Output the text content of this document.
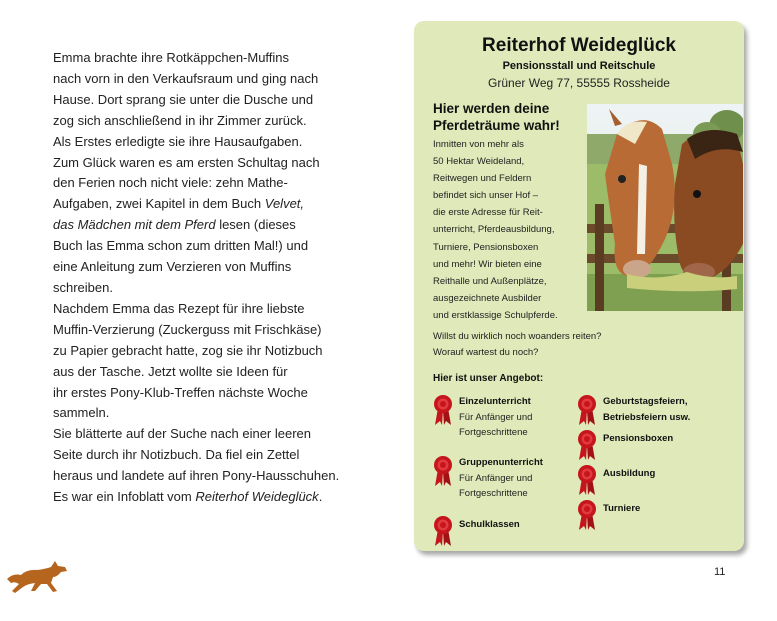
Emma brachte ihre Rotkäppchen-Muffins
nach vorn in den Verkaufsraum und ging nach
Hause. Dort sprang sie unter die Dusche und
zog sich anschließend in ihr Zimmer zurück.
Als Erstes erledigte sie ihre Hausaufgaben.
Zum Glück waren es am ersten Schultag nach
den Ferien noch nicht viele: zehn Mathe-
Aufgaben, zwei Kapitel in dem Buch Velvet,
das Mädchen mit dem Pferd lesen (dieses
Buch las Emma schon zum dritten Mal!) und
eine Anleitung zum Verzieren von Muffins
schreiben.
Nachdem Emma das Rezept für ihre liebste
Muffin-Verzierung (Zuckerguss mit Frischkäse)
zu Papier gebracht hatte, zog sie ihr Notizbuch
aus der Tasche. Jetzt wollte sie Ideen für
ihr erstes Pony-Klub-Treffen nächste Woche
sammeln.
Sie blätterte auf der Suche nach einer leeren
Seite durch ihr Notizbuch. Da fiel ein Zettel
heraus und landete auf ihren Pony-Hausschuhen.
Es war ein Infoblatt vom Reiterhof Weideglück.
Reiterhof Weideglück
Pensionsstall und Reitschule
Grüner Weg 77, 55555 Rossheide
Hier werden deine
Pferdeträume wahr!
Inmitten von mehr als
50 Hektar Weideland,
Reitwegen und Feldern
befindet sich unser Hof –
die erste Adresse für Reit-
unterricht, Pferdeausbildung,
Turniere, Pensionsboxen
und mehr! Wir bieten eine
Reithalle und Außenplätze,
ausgezeichnete Ausbilder
und erstklassige Schulpferde.
Willst du wirklich noch woanders reiten?
Worauf wartest du noch?
Hier ist unser Angebot:
Einzelunterricht
Für Anfänger und
Fortgeschrittene
Gruppenunterricht
Für Anfänger und
Fortgeschrittene
Schulklassen
Geburtstagsfeiern,
Betriebsfeiern usw.
Pensionsboxen
Ausbildung
Turniere
11
